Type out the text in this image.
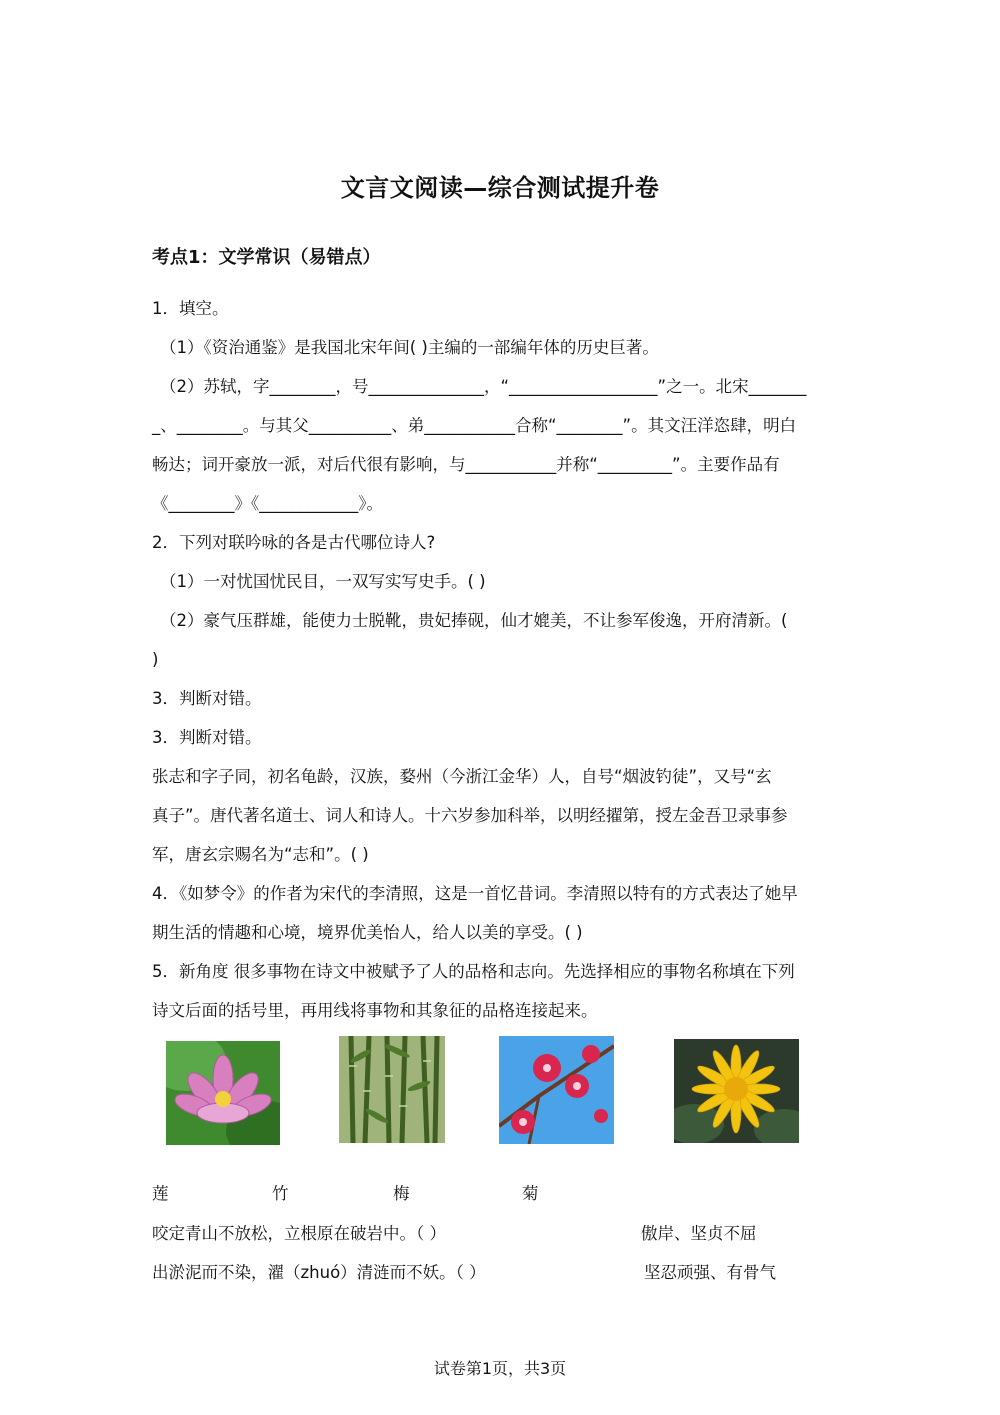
文言文阅读—综合测试提升卷
考点1：文学常识（易错点）
1．填空。
（1）《资治通鉴》是我国北宋年间( )主编的一部编年体的历史巨著。
（2）苏轼，字________，号______________，“__________________”之一。北宋_______
_、________。与其父__________、弟___________合称“________”。其文汪洋恣肆，明白
畅达；词开豪放一派，对后代很有影响，与___________并称“_________”。主要作品有
《________》《____________》。
2．下列对联吟咏的各是古代哪位诗人?
（1）一对忧国忧民目，一双写实写史手。( )
（2）豪气压群雄，能使力士脱靴，贵妃捧砚，仙才媲美，不让参军俊逸，开府清新。(
)
3．判断对错。
3．判断对错。
张志和字子同，初名龟龄，汉族，婺州（今浙江金华）人，自号“烟波钓徒”，又号“玄
真子”。唐代著名道士、词人和诗人。十六岁参加科举，以明经擢第，授左金吾卫录事参
军，唐玄宗赐名为“志和”。( )
4．《如梦令》的作者为宋代的李清照，这是一首忆昔词。李清照以特有的方式表达了她早
期生活的情趣和心境，境界优美怡人，给人以美的享受。( )
5．新角度 很多事物在诗文中被赋予了人的品格和志向。先选择相应的事物名称填在下列
诗文后面的括号里，再用线将事物和其象征的品格连接起来。
莲	竹	梅	菊
咬定青山不放松，立根原在破岩中。（ ）	傲岸、坚贞不屈
出淤泥而不染，濯（zhuó）清涟而不妖。（ ）	坚忍顽强、有骨气
试卷第1页，共3页
